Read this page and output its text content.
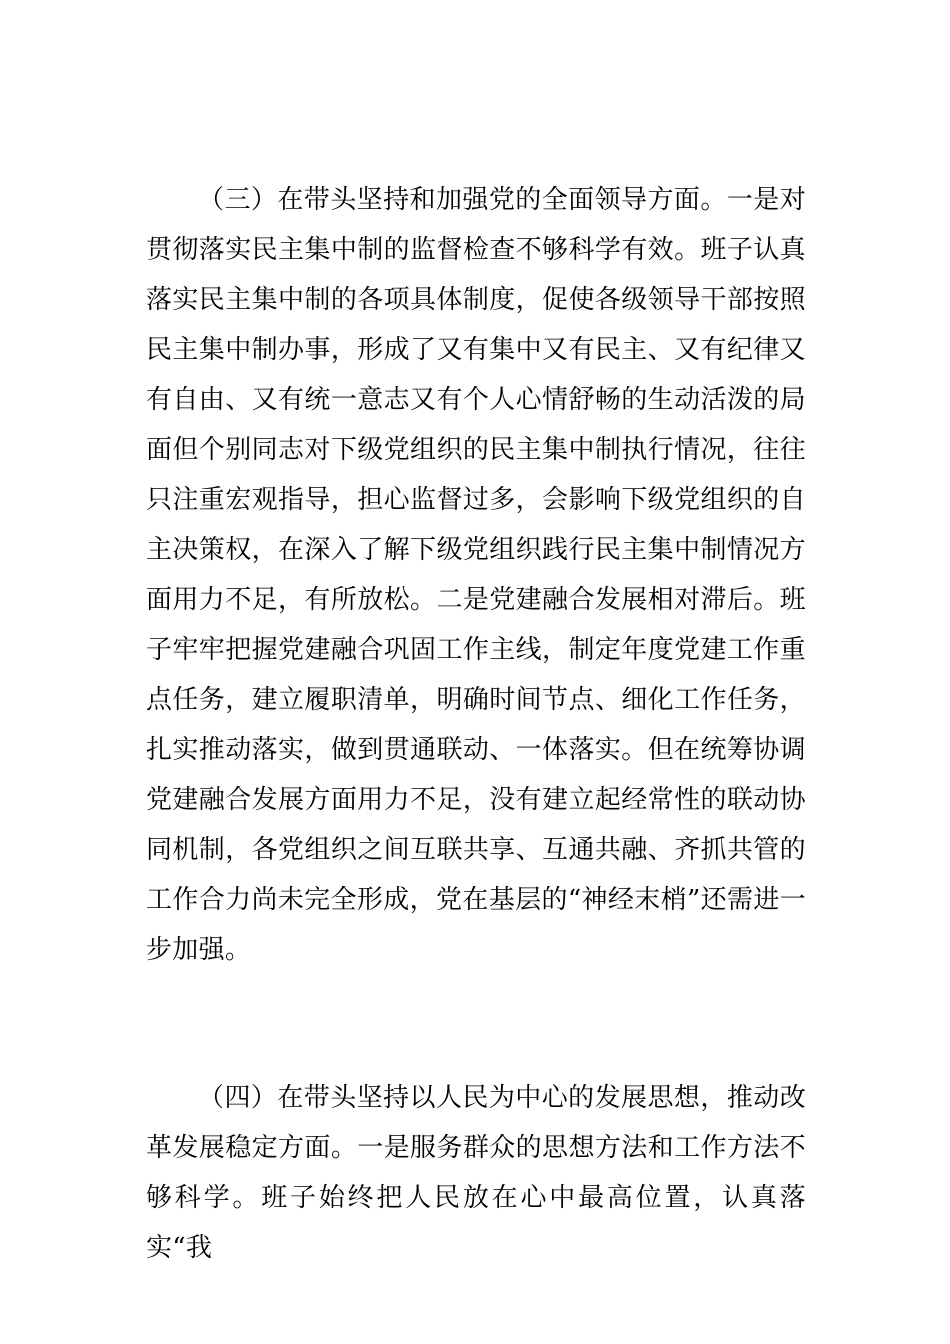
（三）在带头坚持和加强党的全面领导方面。一是对贯彻落实民主集中制的监督检查不够科学有效。班子认真落实民主集中制的各项具体制度，促使各级领导干部按照民主集中制办事，形成了又有集中又有民主、又有纪律又有自由、又有统一意志又有个人心情舒畅的生动活泼的局面但个别同志对下级党组织的民主集中制执行情况，往往只注重宏观指导，担心监督过多，会影响下级党组织的自主决策权，在深入了解下级党组织践行民主集中制情况方面用力不足，有所放松。二是党建融合发展相对滞后。班子牢牢把握党建融合巩固工作主线，制定年度党建工作重点任务，建立履职清单，明确时间节点、细化工作任务，扎实推动落实，做到贯通联动、一体落实。但在统筹协调党建融合发展方面用力不足，没有建立起经常性的联动协同机制，各党组织之间互联共享、互通共融、齐抓共管的工作合力尚未完全形成，党在基层的“神经末梢”还需进一步加强。

（四）在带头坚持以人民为中心的发展思想，推动改革发展稳定方面。一是服务群众的思想方法和工作方法不够科学。班子始终把人民放在心中最高位置，认真落实“我
